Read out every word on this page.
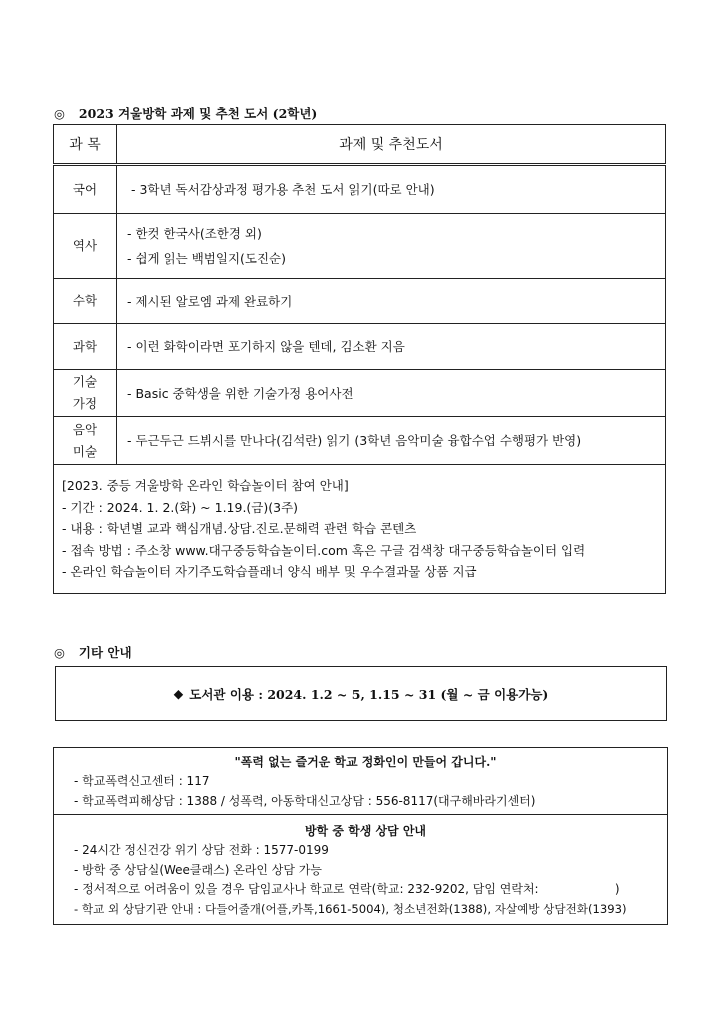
◎ 2023 겨울방학 과제 및 추천 도서 (2학년)
과 목	과제 및 추천도서
국어	- 3학년 독서감상과정 평가용 추천 도서 읽기(따로 안내)

역사	- 한컷 한국사(조한경 외)
- 쉽게 읽는 백범일지(도진순)

수학	- 제시된 알로엠 과제 완료하기

과학	- 이런 화학이라면 포기하지 않을 텐데, 김소환 지음

기술
가정	- Basic 중학생을 위한 기술가정 용어사전

음악
미술	- 두근두근 드뷔시를 만나다(김석란) 읽기 (3학년 음악미술 융합수업 수행평가 반영)

[2023. 중등 겨울방학 온라인 학습놀이터 참여 안내]
- 기간 : 2024. 1. 2.(화) ~ 1.19.(금)(3주)
- 내용 : 학년별 교과 핵심개념.상담.진로.문해력 관련 학습 콘텐츠
- 접속 방법 : 주소창 www.대구중등학습놀이터.com 혹은 구글 검색창 대구중등학습놀이터 입력
- 온라인 학습놀이터 자기주도학습플래너 양식 배부 및 우수결과물 상품 지급	
◎ 기타 안내
◆ 도서관 이용 : 2024. 1.2 ~ 5, 1.15 ~ 31 (월 ~ 금 이용가능)
"폭력 없는 즐거운 학교 정화인이 만들어 갑니다."
- 학교폭력신고센터 : 117
- 학교폭력피해상담 : 1388 / 성폭력, 아동학대신고상담 : 556-8117(대구해바라기센터)
방학 중 학생 상담 안내
- 24시간 정신건강 위기 상담 전화 : 1577-0199
- 방학 중 상담실(Wee클래스) 온라인 상담 가능
- 정서적으로 어려움이 있을 경우 담임교사나 학교로 연락(학교: 232-9202, 담임 연락처:                    )
- 학교 외 상담기관 안내 : 다들어줄개(어플,카톡,1661-5004), 청소년전화(1388), 자살예방 상담전화(1393)
